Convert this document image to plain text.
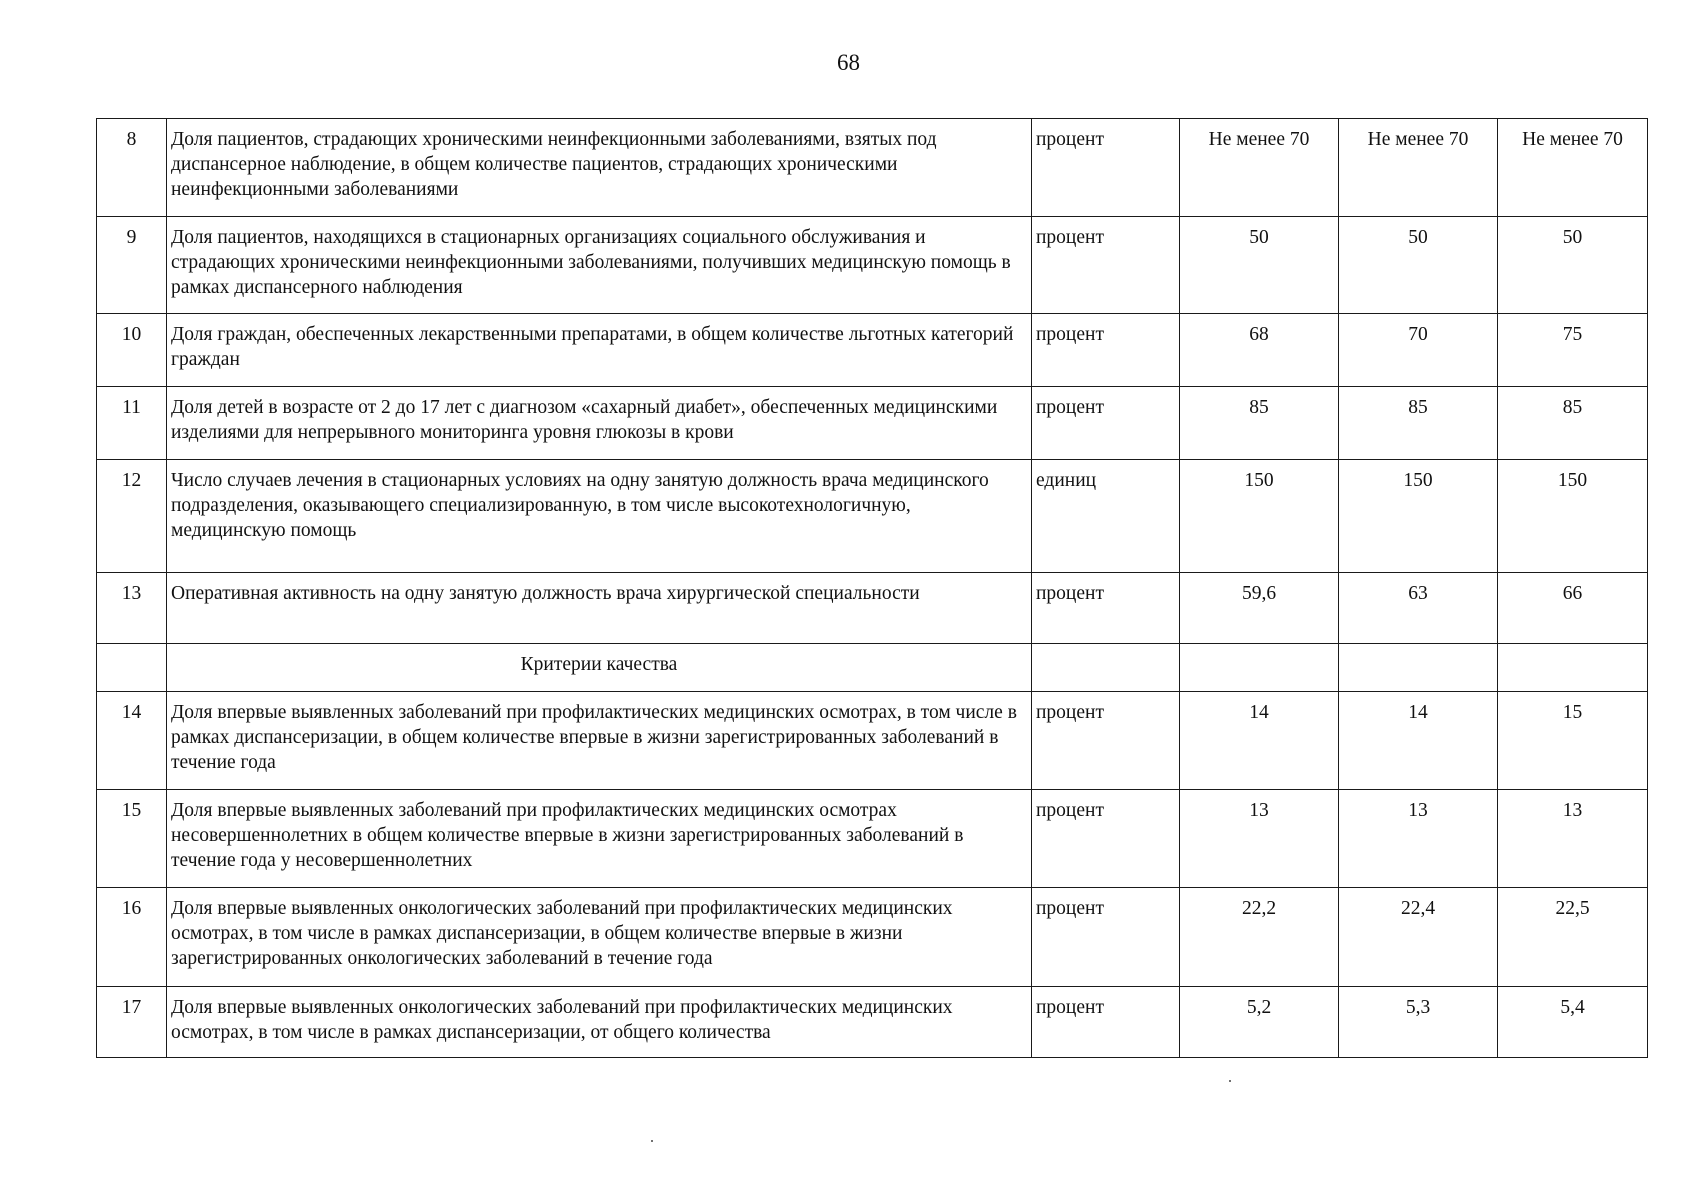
68
8	Доля пациентов, страдающих хроническими неинфекционными заболеваниями, взятых под диспансерное наблюдение, в общем количестве пациентов, страдающих хроническими неинфекционными заболеваниями	процент	Не менее 70	Не менее 70	Не менее 70
9	Доля пациентов, находящихся в стационарных организациях социального обслуживания и страдающих хроническими неинфекционными заболеваниями, получивших медицинскую помощь в рамках диспансерного наблюдения	процент	50	50	50
10	Доля граждан, обеспеченных лекарственными препаратами, в общем количестве льготных категорий граждан	процент	68	70	75
11	Доля детей в возрасте от 2 до 17 лет с диагнозом «сахарный диабет», обеспеченных медицинскими изделиями для непрерывного мониторинга уровня глюкозы в крови	процент	85	85	85
12	Число случаев лечения в стационарных условиях на одну занятую должность врача медицинского подразделения, оказывающего специализированную, в том числе высокотехнологичную, медицинскую помощь	единиц	150	150	150
13	Оперативная активность на одну занятую должность врача хирургической специальности	процент	59,6	63	66
	Критерии качества				
14	Доля впервые выявленных заболеваний при профилактических медицинских осмотрах, в том числе в рамках диспансеризации, в общем количестве впервые в жизни зарегистрированных заболеваний в течение года	процент	14	14	15
15	Доля впервые выявленных заболеваний при профилактических медицинских осмотрах несовершеннолетних в общем количестве впервые в жизни зарегистрированных заболеваний в течение года у несовершеннолетних	процент	13	13	13
16	Доля впервые выявленных онкологических заболеваний при профилактических медицинских осмотрах, в том числе в рамках диспансеризации, в общем количестве впервые в жизни зарегистрированных онкологических заболеваний в течение года	процент	22,2	22,4	22,5
17	Доля впервые выявленных онкологических заболеваний при профилактических медицинских осмотрах, в том числе в рамках диспансеризации, от общего количества	процент	5,2	5,3	5,4
